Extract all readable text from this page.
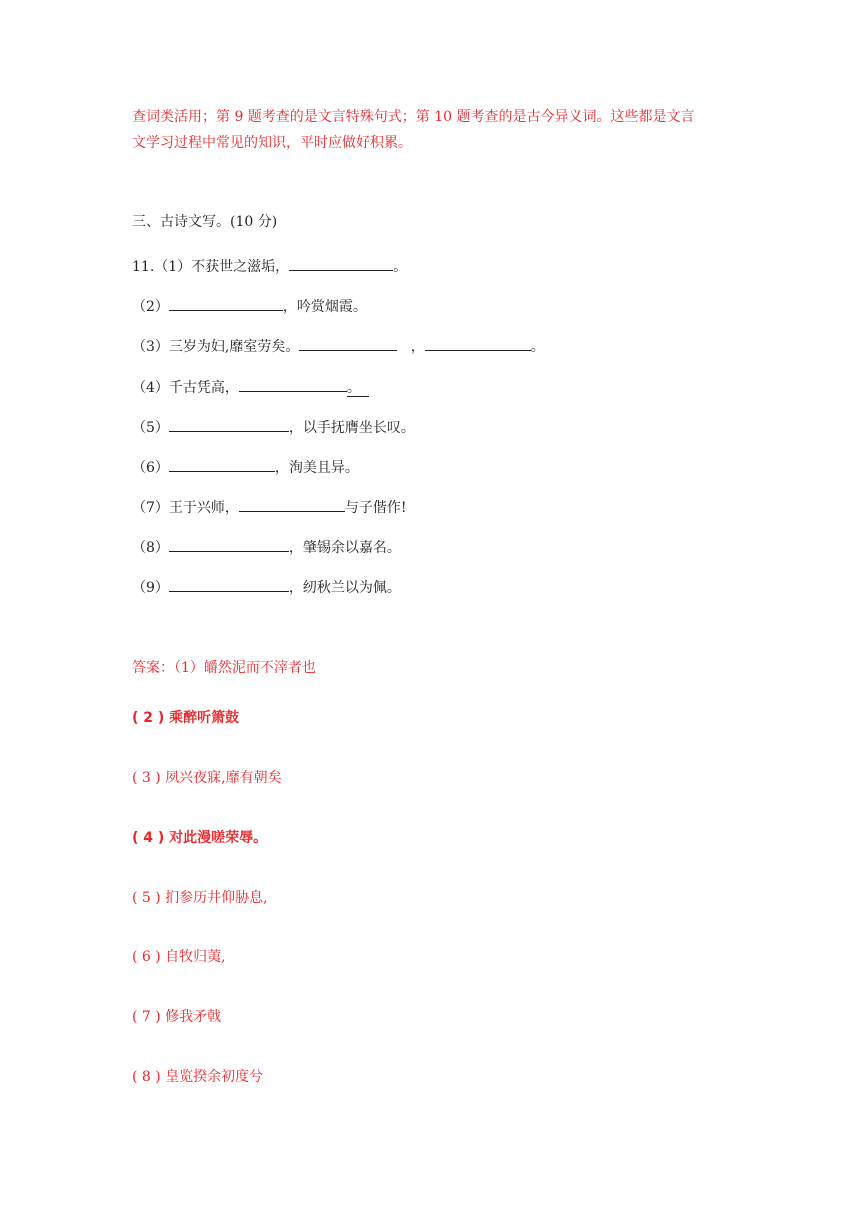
查词类活用；第 9 题考查的是文言特殊句式；第 10 题考查的是古今异义词。这些都是文言
文学习过程中常见的知识，平时应做好积累。
三、古诗文写。(10 分)
11.（1）不获世之滋垢，	。
（2）	，吟赏烟霞。
（3）三岁为妇,靡室劳矣。	，	。
（4）千古凭高，	。
（5）	，以手抚膺坐长叹。
（6）	，洵美且异。
（7）王于兴师，	与子偕作!
（8）	，肇锡余以嘉名。
（9）	，纫秋兰以为佩。
答案：（1）皭然泥而不滓者也
( 2 ) 乘醉听箫鼓
( 3 ) 夙兴夜寐,靡有朝矣
( 4 ) 对此漫嗟荣辱。
( 5 ) 扪参历井仰胁息,
( 6 ) 自牧归荑,
( 7 ) 修我矛戟
( 8 ) 皇览揆余初度兮
